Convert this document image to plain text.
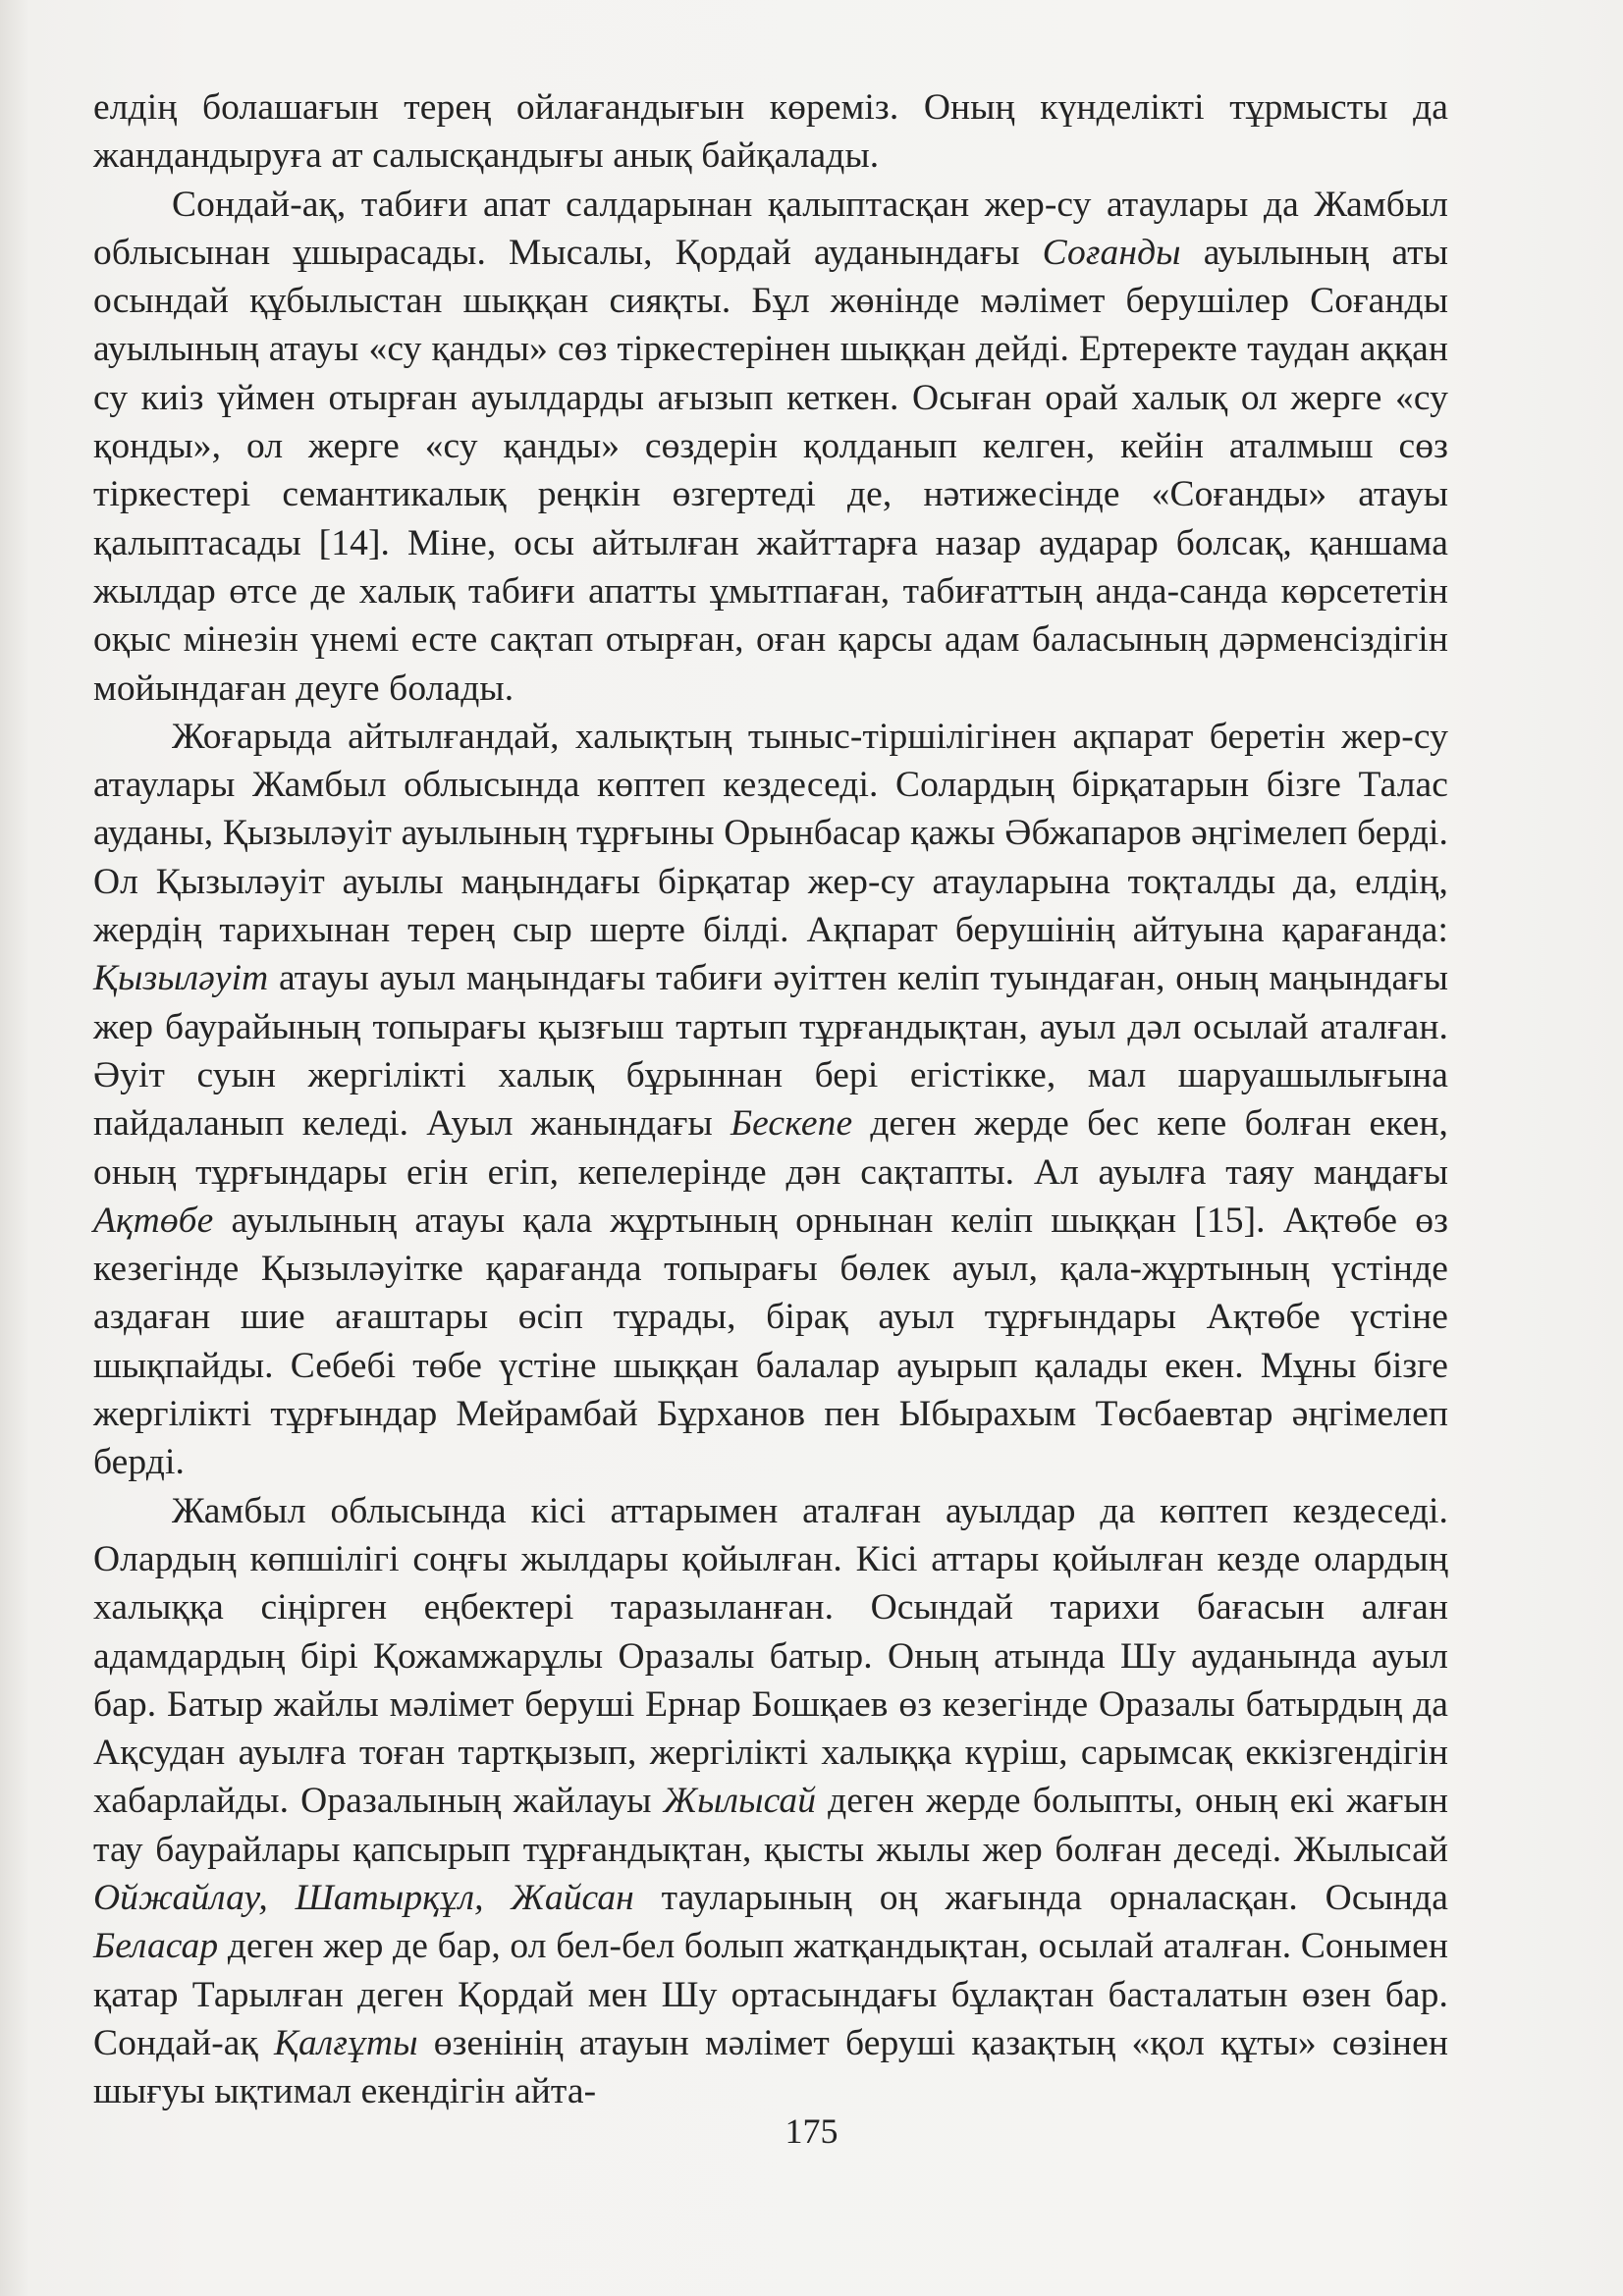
елдің болашағын терең ойлағандығын көреміз. Оның күнделікті тұрмысты да жандандыруға ат салысқандығы анық байқалады.

Сондай-ақ, табиғи апат салдарынан қалыптасқан жер-су атаулары да Жамбыл облысынан ұшырасады. Мысалы, Қордай ауданындағы Соғанды ауылының аты осындай құбылыстан шыққан сияқты. Бұл жөнінде мәлімет берушілер Соғанды ауылының атауы «су қанды» сөз тіркестерінен шыққан дейді. Ертеректе таудан аққан су киіз үймен отырған ауылдарды ағызып кеткен. Осыған орай халық ол жерге «су қонды», ол жерге «су қанды» сөздерін қолданып келген, кейін аталмыш сөз тіркестері семантикалық реңкін өзгертеді де, нәтижесінде «Соғанды» атауы қалыптасады [14]. Міне, осы айтылған жайттарға назар аударар болсақ, қаншама жылдар өтсе де халық табиғи апатты ұмытпаған, табиғаттың анда-санда көрсететін оқыс мінезін үнемі есте сақтап отырған, оған қарсы адам баласының дәрменсіздігін мойындаған деуге болады.

Жоғарыда айтылғандай, халықтың тыныс-тіршілігінен ақпарат беретін жер-су атаулары Жамбыл облысында көптеп кездеседі. Солардың бірқатарын бізге Талас ауданы, Қызыләуіт ауылының тұрғыны Орынбасар қажы Әбжапаров әңгімелеп берді. Ол Қызыләуіт ауылы маңындағы бірқатар жер-су атауларына тоқталды да, елдің, жердің тарихынан терең сыр шерте білді. Ақпарат берушінің айтуына қарағанда: Қызыләуіт атауы ауыл маңындағы табиғи әуіттен келіп туындаған, оның маңындағы жер баурайының топырағы қызғыш тартып тұрғандықтан, ауыл дәл осылай аталған. Әуіт суын жергілікті халық бұрыннан бері егістікке, мал шаруашылығына пайдаланып келеді. Ауыл жанындағы Бескепе деген жерде бес кепе болған екен, оның тұрғындары егін егіп, кепелерінде дән сақтапты. Ал ауылға таяу маңдағы Ақтөбе ауылының атауы қала жұртының орнынан келіп шыққан [15]. Ақтөбе өз кезегінде Қызыләуітке қарағанда топырағы бөлек ауыл, қала-жұртының үстінде аздаған шие ағаштары өсіп тұрады, бірақ ауыл тұрғындары Ақтөбе үстіне шықпайды. Себебі төбе үстіне шыққан балалар ауырып қалады екен. Мұны бізге жергілікті тұрғындар Мейрамбай Бұрханов пен Ыбырахым Төсбаевтар әңгімелеп берді.

Жамбыл облысында кісі аттарымен аталған ауылдар да көптеп кездеседі. Олардың көпшілігі соңғы жылдары қойылған. Кісі аттары қойылған кезде олардың халыққа сіңірген еңбектері таразыланған. Осындай тарихи бағасын алған адамдардың бірі Қожамжарұлы Оразалы батыр. Оның атында Шу ауданында ауыл бар. Батыр жайлы мәлімет беруші Ернар Бошқаев өз кезегінде Оразалы батырдың да Ақсудан ауылға тоған тартқызып, жергілікті халыққа күріш, сарымсақ еккізгендігін хабарлайды. Оразалының жайлауы Жылысай деген жерде болыпты, оның екі жағын тау баурайлары қапсырып тұрғандықтан, қысты жылы жер болған деседі. Жылысай Ойжайлау, Шатырқұл, Жайсан тауларының оң жағында орналасқан. Осында Беласар деген жер де бар, ол бел-бел болып жатқандықтан, осылай аталған. Сонымен қатар Тарылған деген Қордай мен Шу ортасындағы бұлақтан басталатын өзен бар. Сондай-ақ Қалғұты өзенінің атауын мәлімет беруші қазақтың «қол құты» сөзінен шығуы ықтимал екендігін айта-

175
